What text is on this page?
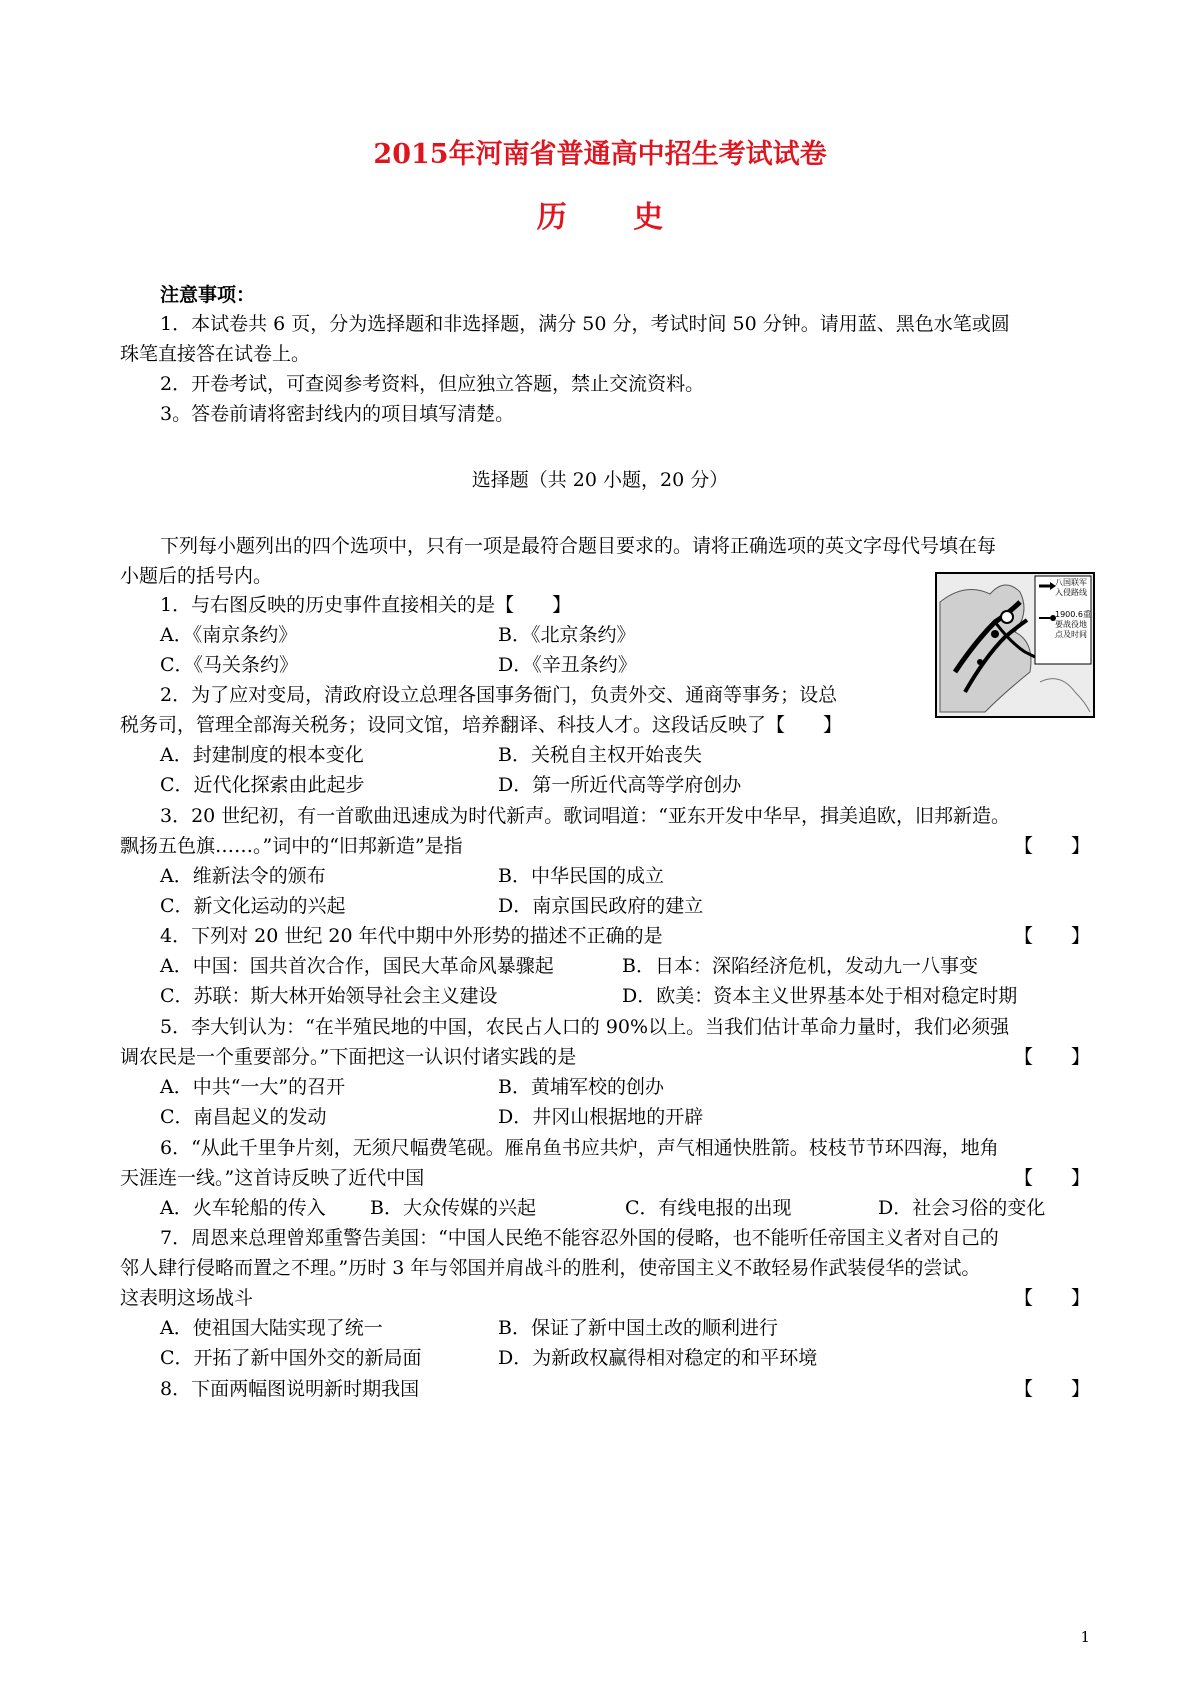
2015年河南省普通高中招生考试试卷
历 史
注意事项：
1．本试卷共 6 页，分为选择题和非选择题，满分 50 分，考试时间 50 分钟。请用蓝、黑色水笔或圆
珠笔直接答在试卷上。
2．开卷考试，可查阅参考资料，但应独立答题，禁止交流资料。
3。答卷前请将密封线内的项目填写清楚。
选择题（共 20 小题，20 分）
下列每小题列出的四个选项中，只有一项是最符合题目要求的。请将正确选项的英文字母代号填在每
小题后的括号内。	八国联军入侵路线
1900.6重要战役地点及时间
1．与右图反映的历史事件直接相关的是【　　】
A．《南京条约》	B．《北京条约》
C．《马关条约》	D．《辛丑条约》
2．为了应对变局，清政府设立总理各国事务衙门，负责外交、通商等事务；设总
税务司，管理全部海关税务；设同文馆，培养翻译、科技人才。这段话反映了【　　】
A．封建制度的根本变化	B．关税自主权开始丧失
C．近代化探索由此起步	D．第一所近代高等学府创办
3．20 世纪初，有一首歌曲迅速成为时代新声。歌词唱道：“亚东开发中华早，揖美追欧，旧邦新造。
飘扬五色旗……。”词中的“旧邦新造”是指	【　　】
A．维新法令的颁布	B．中华民国的成立
C．新文化运动的兴起	D．南京国民政府的建立
4．下列对 20 世纪 20 年代中期中外形势的描述不正确的是	【　　】
A．中国：国共首次合作，国民大革命风暴骤起	B．日本：深陷经济危机，发动九一八事变
C．苏联：斯大林开始领导社会主义建设	D．欧美：资本主义世界基本处于相对稳定时期
5．李大钊认为：“在半殖民地的中国，农民占人口的 90%以上。当我们估计革命力量时，我们必须强
调农民是一个重要部分。”下面把这一认识付诸实践的是	【　　】
A．中共“一大”的召开	B．黄埔军校的创办
C．南昌起义的发动	D．井冈山根据地的开辟
6．“从此千里争片刻，无须尺幅费笔砚。雁帛鱼书应共炉，声气相通快胜箭。枝枝节节环四海，地角
天涯连一线。”这首诗反映了近代中国	【　　】
A．火车轮船的传入 B．大众传媒的兴起	C．有线电报的出现	D．社会习俗的变化
7．周恩来总理曾郑重警告美国：“中国人民绝不能容忍外国的侵略，也不能听任帝国主义者对自己的
邻人肆行侵略而置之不理。”历时 3 年与邻国并肩战斗的胜利，使帝国主义不敢轻易作武装侵华的尝试。
这表明这场战斗	【　　】
A．使祖国大陆实现了统一	B．保证了新中国土改的顺利进行
C．开拓了新中国外交的新局面	D．为新政权赢得相对稳定的和平环境
8．下面两幅图说明新时期我国	【　　】
1
